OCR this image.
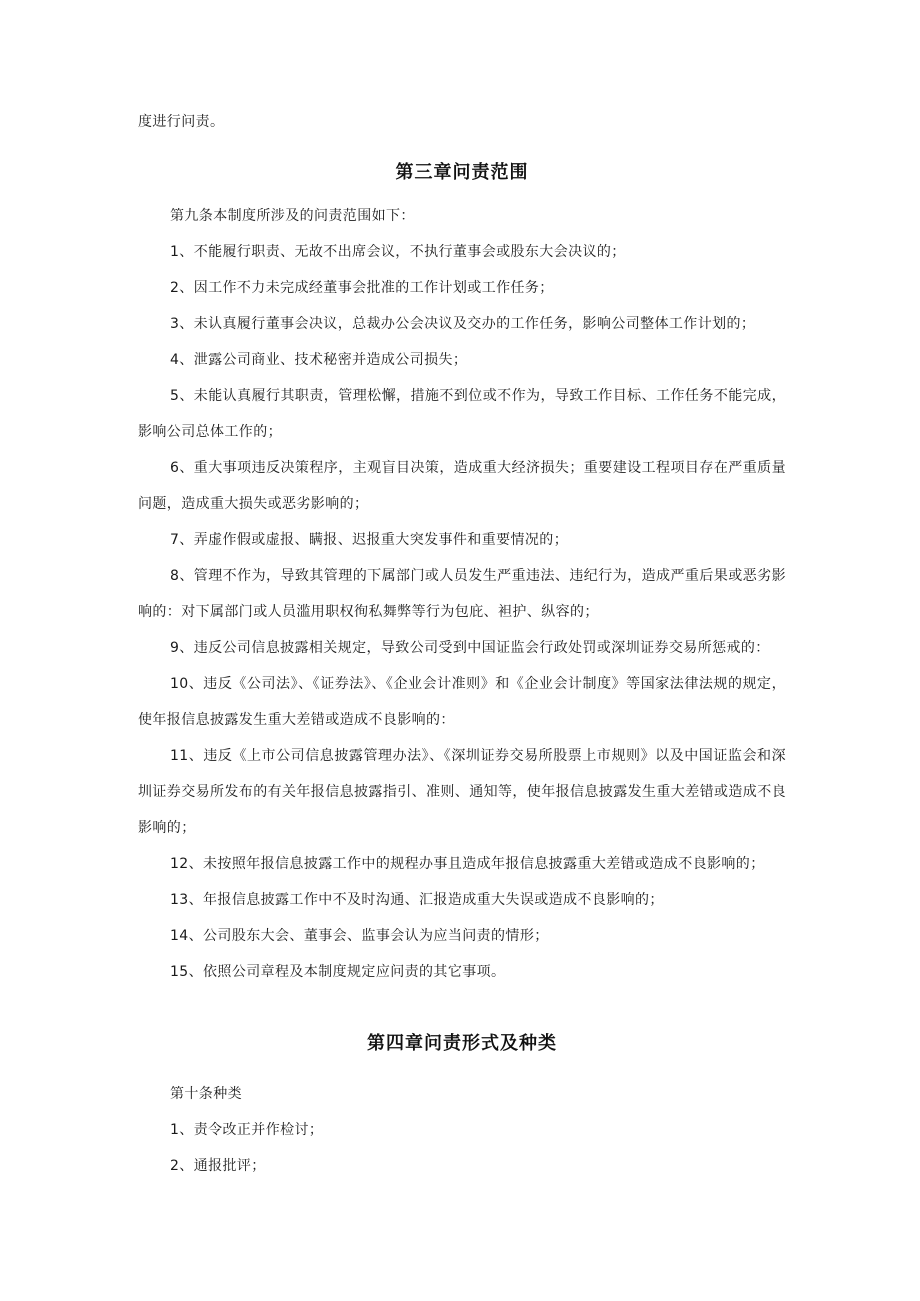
度进行问责。

第三章问责范围

第九条本制度所涉及的问责范围如下：

1、不能履行职责、无故不出席会议，不执行董事会或股东大会决议的；

2、因工作不力未完成经董事会批准的工作计划或工作任务；

3、未认真履行董事会决议，总裁办公会决议及交办的工作任务，影响公司整体工作计划的；

4、泄露公司商业、技术秘密并造成公司损失；

5、未能认真履行其职责，管理松懈，措施不到位或不作为，导致工作目标、工作任务不能完成，影响公司总体工作的；

6、重大事项违反决策程序，主观盲目决策，造成重大经济损失；重要建设工程项目存在严重质量问题，造成重大损失或恶劣影响的；

7、弄虚作假或虚报、瞒报、迟报重大突发事件和重要情况的；

8、管理不作为，导致其管理的下属部门或人员发生严重违法、违纪行为，造成严重后果或恶劣影响的：对下属部门或人员滥用职权徇私舞弊等行为包庇、袒护、纵容的；

9、违反公司信息披露相关规定，导致公司受到中国证监会行政处罚或深圳证券交易所惩戒的：

10、违反《公司法》、《证券法》、《企业会计准则》和《企业会计制度》等国家法律法规的规定，使年报信息披露发生重大差错或造成不良影响的：

11、违反《上市公司信息披露管理办法》、《深圳证券交易所股票上市规则》以及中国证监会和深圳证券交易所发布的有关年报信息披露指引、准则、通知等，使年报信息披露发生重大差错或造成不良影响的；

12、未按照年报信息披露工作中的规程办事且造成年报信息披露重大差错或造成不良影响的；

13、年报信息披露工作中不及时沟通、汇报造成重大失误或造成不良影响的；

14、公司股东大会、董事会、监事会认为应当问责的情形；

15、依照公司章程及本制度规定应问责的其它事项。

第四章问责形式及种类

第十条种类

1、责令改正并作检讨；

2、通报批评；
